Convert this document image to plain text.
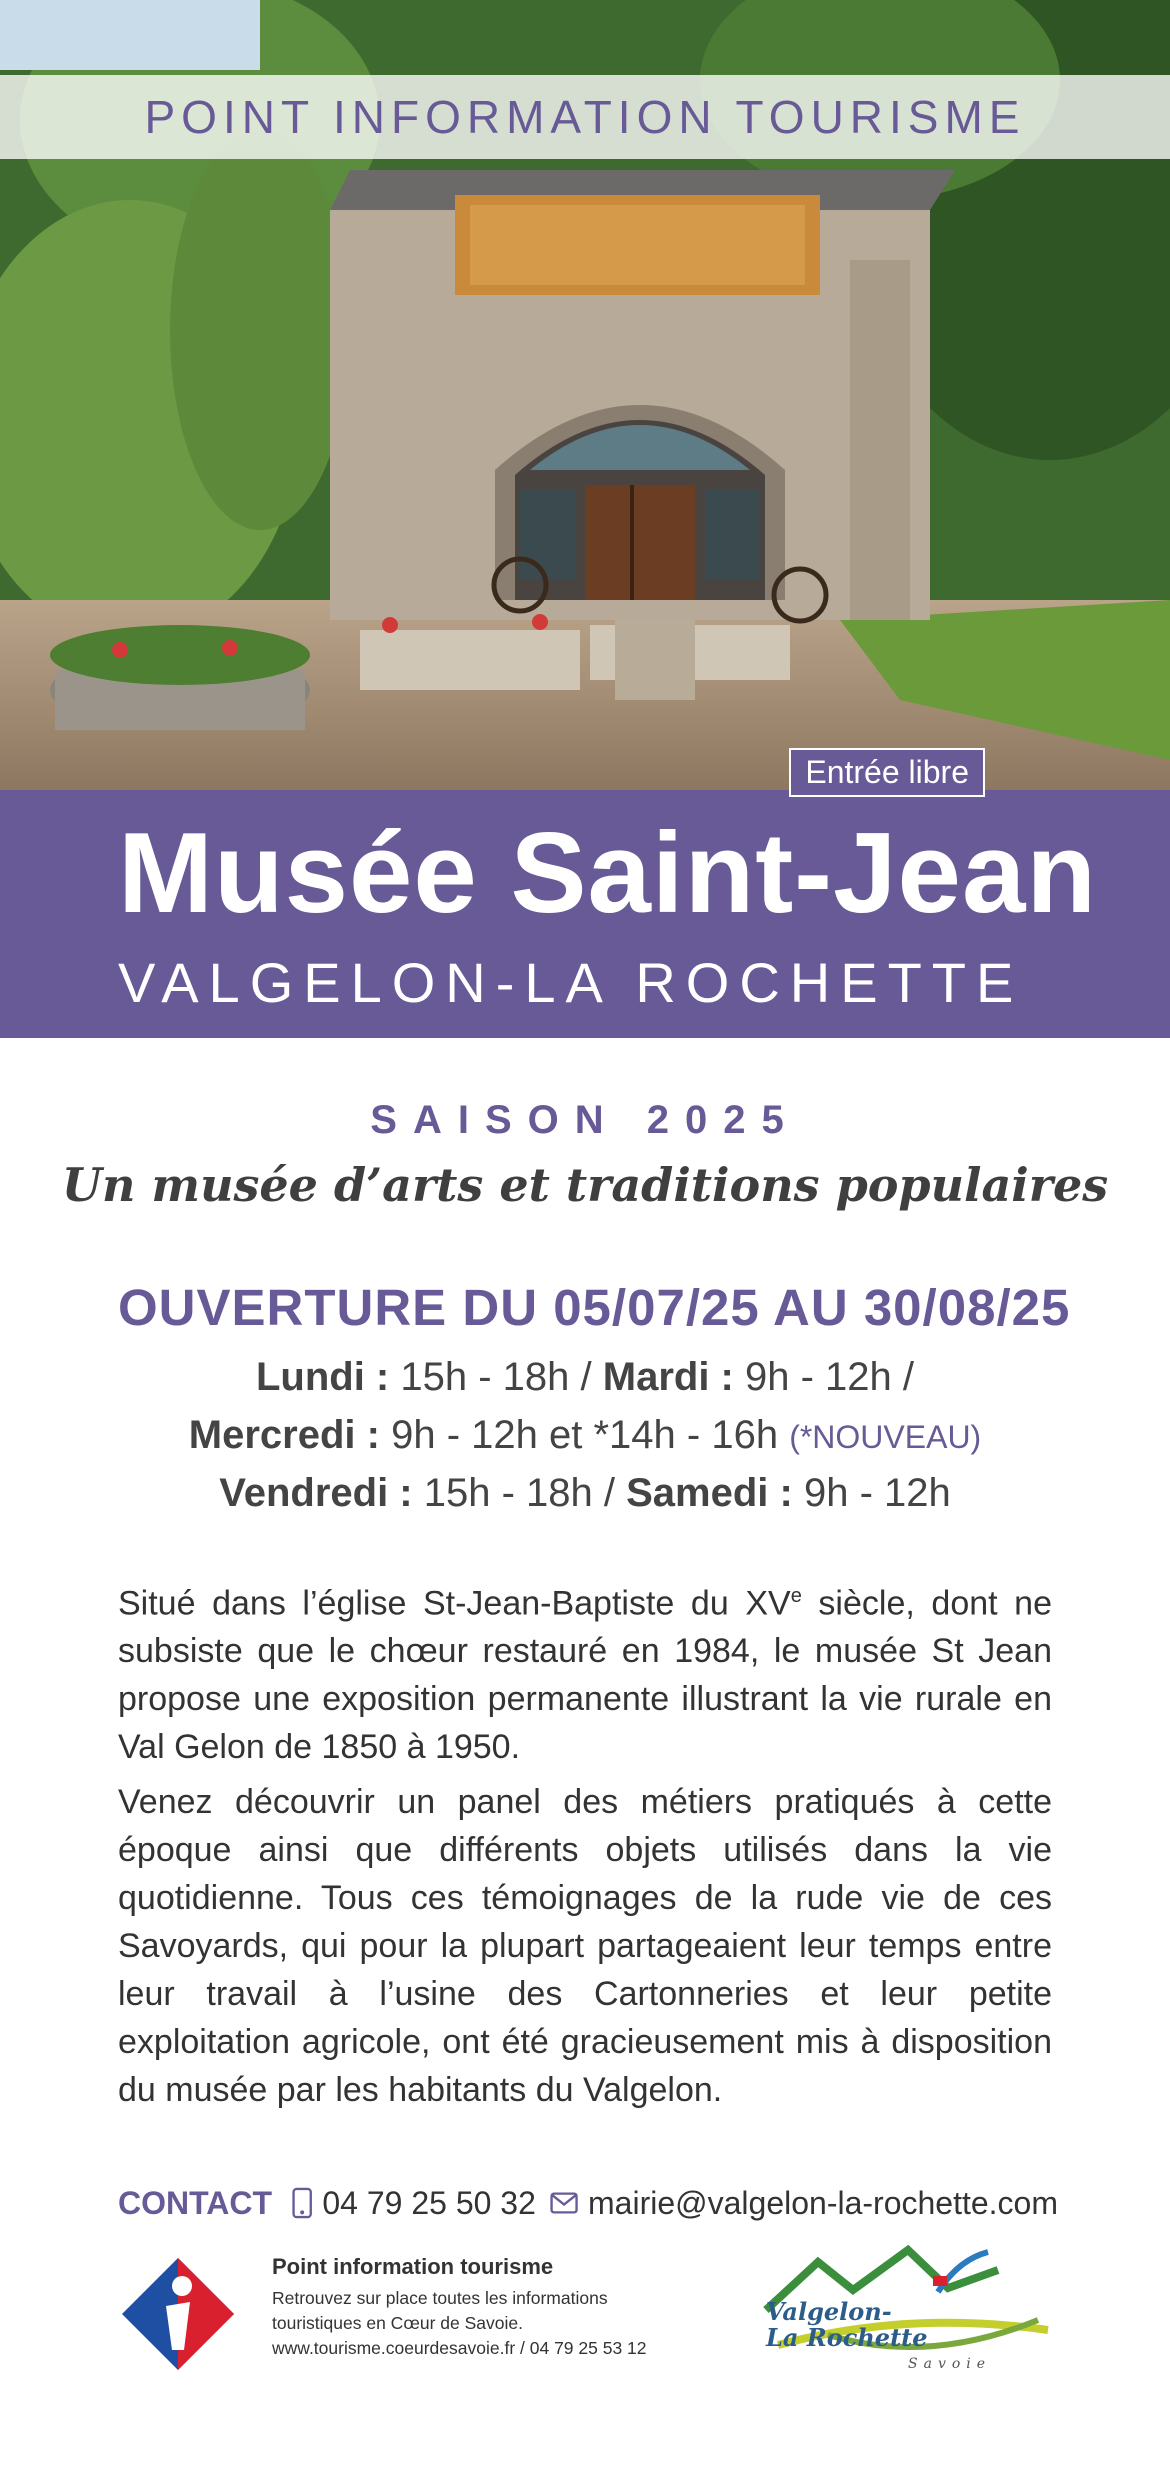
POINT INFORMATION TOURISME
Entrée libre
Musée Saint-Jean
VALGELON-LA ROCHETTE
SAISON 2025
Un musée d’arts et traditions populaires
OUVERTURE DU 05/07/25 AU 30/08/25
Lundi : 15h - 18h / Mardi : 9h - 12h /
Mercredi : 9h - 12h et *14h - 16h (*NOUVEAU)
Vendredi : 15h - 18h / Samedi : 9h - 12h
Situé dans l’église St-Jean-Baptiste du XVe siècle, dont ne subsiste que le chœur restauré en 1984, le musée St Jean propose une exposition permanente illustrant la vie rurale en Val Gelon de 1850 à 1950.
Venez découvrir un panel des métiers pratiqués à cette époque ainsi que différents objets utilisés dans la vie quotidienne. Tous ces témoignages de la rude vie de ces Savoyards, qui pour la plupart partageaient leur temps entre leur travail à l’usine des Cartonneries et leur petite exploitation agricole, ont été gracieusement mis à disposition du musée par les habitants du Valgelon.
CONTACT 04 79 25 50 32 mairie@valgelon-la-rochette.com
Point information tourisme
Retrouvez sur place toutes les informations
touristiques en Cœur de Savoie.
www.tourisme.coeurdesavoie.fr / 04 79 25 53 12
Valgelon-
La Rochette
Savoie
